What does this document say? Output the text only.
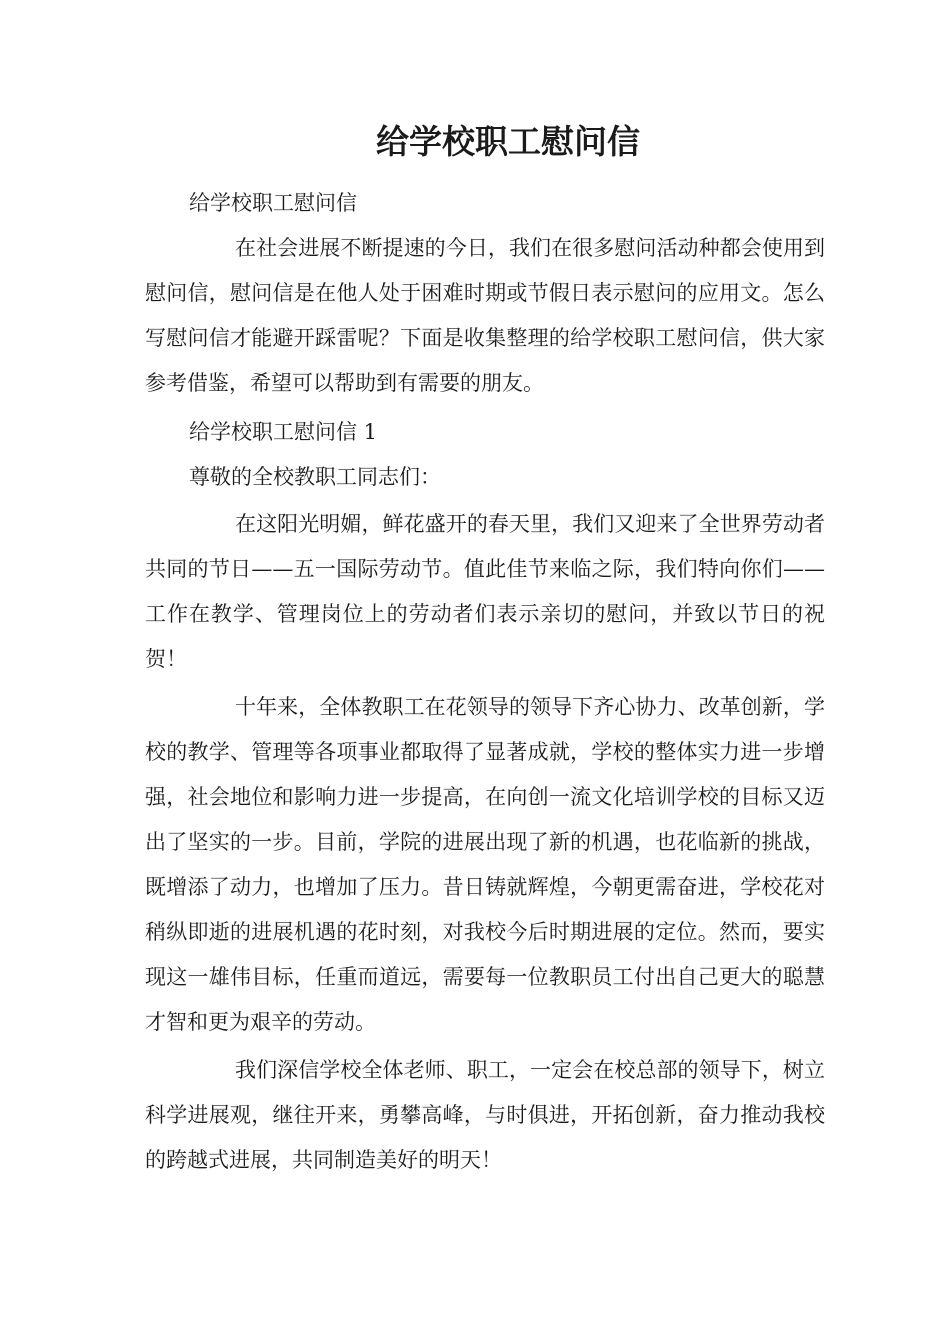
给学校职工慰问信

给学校职工慰问信

在社会进展不断提速的今日，我们在很多慰问活动种都会使用到慰问信，慰问信是在他人处于困难时期或节假日表示慰问的应用文。怎么写慰问信才能避开踩雷呢？下面是收集整理的给学校职工慰问信，供大家参考借鉴，希望可以帮助到有需要的朋友。

给学校职工慰问信 1

尊敬的全校教职工同志们：

在这阳光明媚，鲜花盛开的春天里，我们又迎来了全世界劳动者共同的节日——五一国际劳动节。值此佳节来临之际，我们特向你们——工作在教学、管理岗位上的劳动者们表示亲切的慰问，并致以节日的祝贺！

十年来，全体教职工在花领导的领导下齐心协力、改革创新，学校的教学、管理等各项事业都取得了显著成就，学校的整体实力进一步增强，社会地位和影响力进一步提高，在向创一流文化培训学校的目标又迈出了坚实的一步。目前，学院的进展出现了新的机遇，也花临新的挑战，既增添了动力，也增加了压力。昔日铸就辉煌，今朝更需奋进，学校花对稍纵即逝的进展机遇的花时刻，对我校今后时期进展的定位。然而，要实现这一雄伟目标，任重而道远，需要每一位教职员工付出自己更大的聪慧才智和更为艰辛的劳动。

我们深信学校全体老师、职工，一定会在校总部的领导下，树立科学进展观，继往开来，勇攀高峰，与时俱进，开拓创新，奋力推动我校的跨越式进展，共同制造美好的明天！
